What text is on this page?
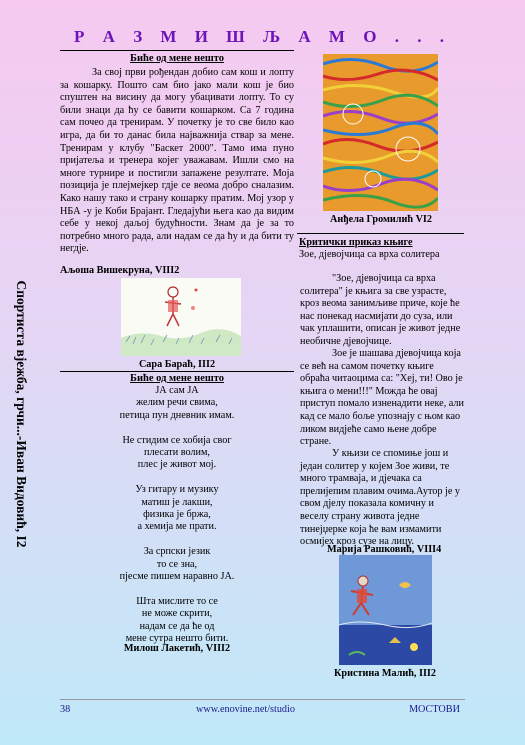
Р А З М И Ш Љ А М О . . .
Спортиста вјежба, грчи...-Иван Видовић, I2
Биће од мене нешто
За свој први рођендан добио сам кош и лопту за кошарку. Пошто сам био јако мали кош је био спуштен на висину да могу убацивати лопту. То су били знаци да ћу се бавити кошарком. Са 7 година сам почео да тренирам. У почетку је то све било као игра, да би то данас била најважнија ствар за мене. Тренирам у клубу "Баскет 2000". Тамо има пуно пријатеља и тренера којег уважавам. Ишли смо на многе турнире и постигли запажене резултате. Моја позиција је плејмејкер гдје се веома добро сналазим. Како нашу тако и страну кошарку пратим. Мој узор у НБА -у је Коби Брајант. Гледајући њега као да видим себе у некој даљој будућности. Знам да је за то потребно много рада, али надам се да ћу и да бити ту негдје.
Аљоша Вишекруна, VIII2
Сара Бараћ, III2
Биће од мене нешто

ЈА сам ЈА
желим речи свима,
петица пун дневник имам.

Не стидим се хобија свог
плесати волим,
плес је живот мој.

Уз гитару и музику
матиш је лакши,
физика је бржа,
а хемија ме прати.

За српски језик
то се зна,
пјесме пишем наравно ЈА.

Шта мислите то се
не може скрити,
надам се да ће од
мене сутра нешто бити.

Милош Лакетић, VIII2
Анђела Громилић VI2
Критички приказ књиге
Зое, дјевојчица са врха солитера
"Зое, дјевојчица са врха солитера" је књига за све узрасте, кроз веома занимљиве приче, које ће нас понекад насмијати до суза, или чак уплашити, описан је живот једне необичне дјевојчице.
Зое је шашава дјевојчица која се већ на самом почетку књиге обраћа читаоцима са: "Хеј, ти! Ово је књига о мени!!!" Можда ће овај приступ помало изненадити неке, али кад се мало боље упознају с њом као ликом видјеће само њене добре стране.
У књизи се спомиње још и један солитер у којем Зое живи, те много трамваја, и дјечака са прелијепим плавим очима.Аутор је у свом дјелу показала комичну и веселу страну живота једне тинејџерке која ће вам измамити осмијех кроз сузе на лицу.
Марија Рашковић, VIII4
Кристина Малић, III2
38	www.enovine.net/studio	МОСТОВИ
